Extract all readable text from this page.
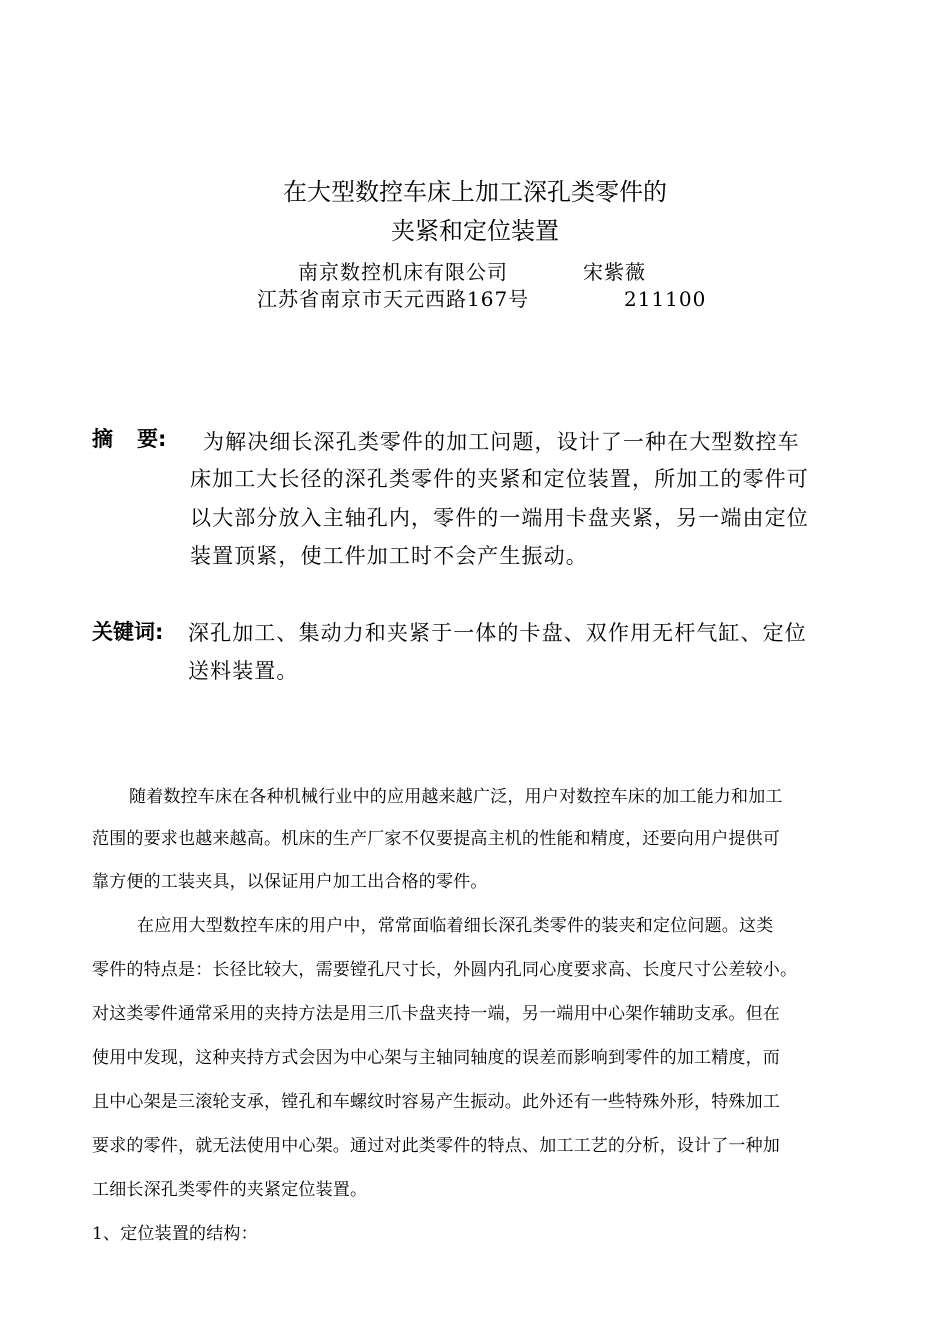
在大型数控车床上加工深孔类零件的
夹紧和定位装置
南京数控机床有限公司	宋紫薇
江苏省南京市天元西路167号	211100
摘 要: 为解决细长深孔类零件的加工问题，设计了一种在大型数控车
床加工大长径的深孔类零件的夹紧和定位装置，所加工的零件可
以大部分放入主轴孔内，零件的一端用卡盘夹紧，另一端由定位
装置顶紧，使工件加工时不会产生振动。
关键词: 深孔加工、集动力和夹紧于一体的卡盘、双作用无杆气缸、定位
送料装置。
随着数控车床在各种机械行业中的应用越来越广泛，用户对数控车床的加工能力和加工
范围的要求也越来越高。机床的生产厂家不仅要提高主机的性能和精度，还要向用户提供可
靠方便的工装夹具，以保证用户加工出合格的零件。
在应用大型数控车床的用户中，常常面临着细长深孔类零件的装夹和定位问题。这类
零件的特点是：长径比较大，需要镗孔尺寸长，外圆内孔同心度要求高、长度尺寸公差较小。
对这类零件通常采用的夹持方法是用三爪卡盘夹持一端，另一端用中心架作辅助支承。但在
使用中发现，这种夹持方式会因为中心架与主轴同轴度的误差而影响到零件的加工精度，而
且中心架是三滚轮支承，镗孔和车螺纹时容易产生振动。此外还有一些特殊外形，特殊加工
要求的零件，就无法使用中心架。通过对此类零件的特点、加工工艺的分析，设计了一种加
工细长深孔类零件的夹紧定位装置。
1、定位装置的结构：
